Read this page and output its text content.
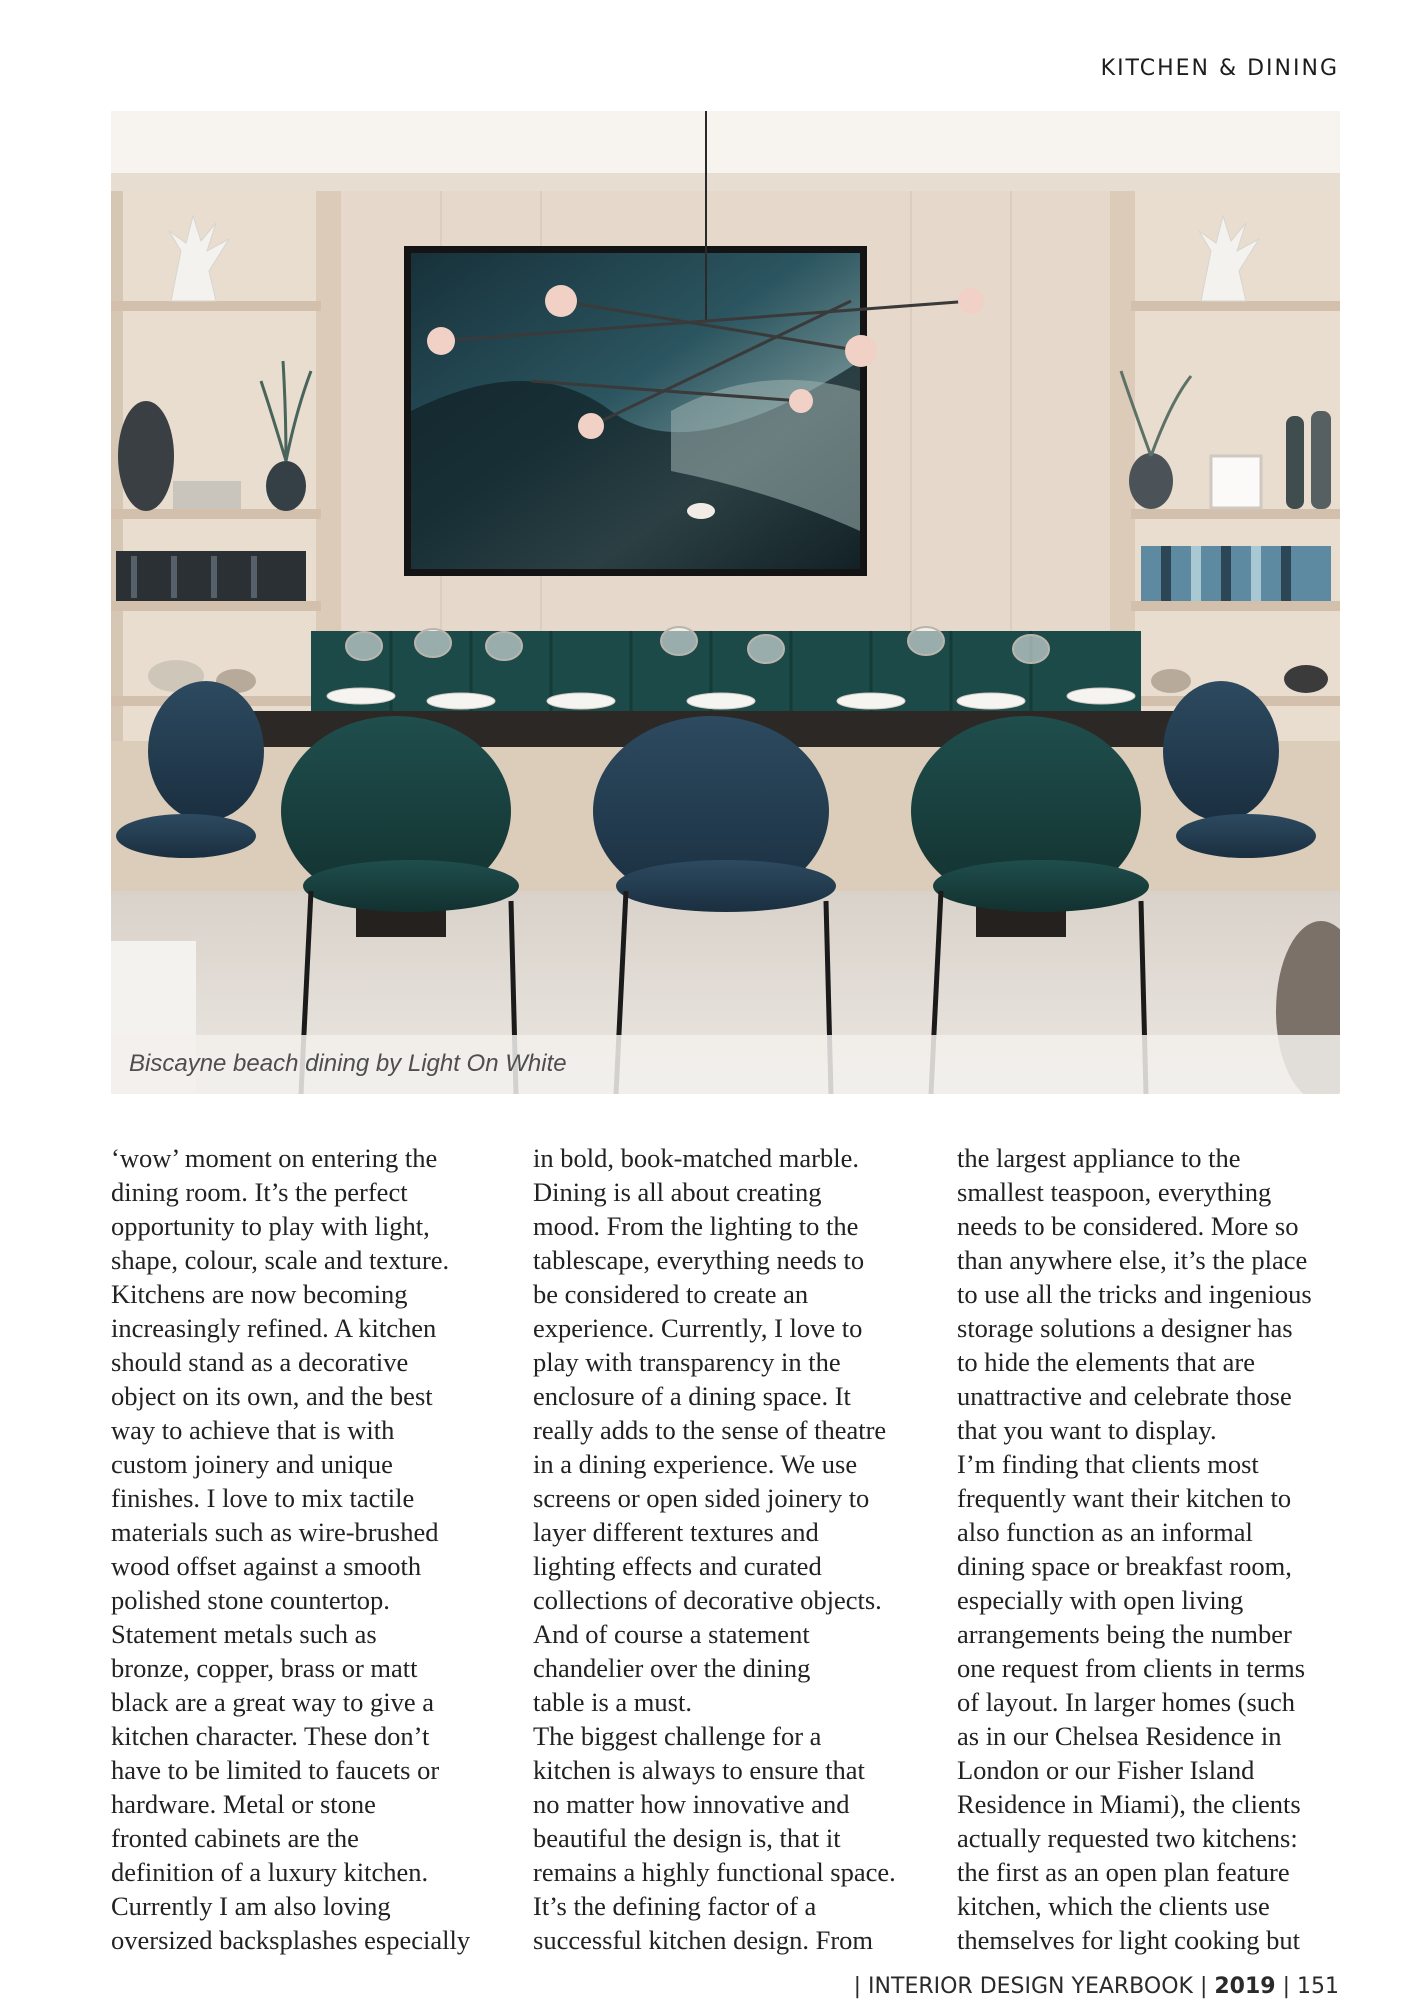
KITCHEN & DINING
Biscayne beach dining by Light On White
‘wow’ moment on entering the
dining room. It’s the perfect
opportunity to play with light,
shape, colour, scale and texture.
Kitchens are now becoming
increasingly refined. A kitchen
should stand as a decorative
object on its own, and the best
way to achieve that is with
custom joinery and unique
finishes. I love to mix tactile
materials such as wire-brushed
wood offset against a smooth
polished stone countertop.
Statement metals such as
bronze, copper, brass or matt
black are a great way to give a
kitchen character. These don’t
have to be limited to faucets or
hardware. Metal or stone
fronted cabinets are the
definition of a luxury kitchen.
Currently I am also loving
oversized backsplashes especially
in bold, book-matched marble.
Dining is all about creating
mood. From the lighting to the
tablescape, everything needs to
be considered to create an
experience. Currently, I love to
play with transparency in the
enclosure of a dining space. It
really adds to the sense of theatre
in a dining experience. We use
screens or open sided joinery to
layer different textures and
lighting effects and curated
collections of decorative objects.
And of course a statement
chandelier over the dining
table is a must.
The biggest challenge for a
kitchen is always to ensure that
no matter how innovative and
beautiful the design is, that it
remains a highly functional space.
It’s the defining factor of a
successful kitchen design. From
the largest appliance to the
smallest teaspoon, everything
needs to be considered. More so
than anywhere else, it’s the place
to use all the tricks and ingenious
storage solutions a designer has
to hide the elements that are
unattractive and celebrate those
that you want to display.
I’m finding that clients most
frequently want their kitchen to
also function as an informal
dining space or breakfast room,
especially with open living
arrangements being the number
one request from clients in terms
of layout. In larger homes (such
as in our Chelsea Residence in
London or our Fisher Island
Residence in Miami), the clients
actually requested two kitchens:
the first as an open plan feature
kitchen, which the clients use
themselves for light cooking but
| INTERIOR DESIGN YEARBOOK | 2019 | 151
